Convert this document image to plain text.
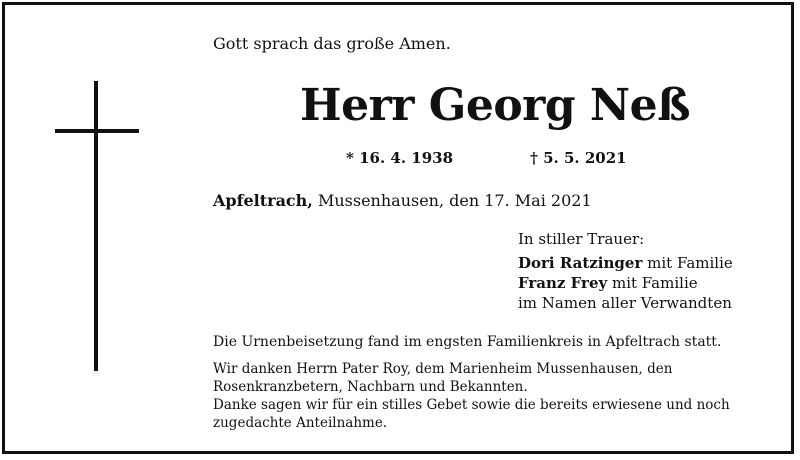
Gott sprach das große Amen.
Herr Georg Neß
* 16. 4. 1938	† 5. 5. 2021
Apfeltrach, Mussenhausen, den 17. Mai 2021
In stiller Trauer:
Dori Ratzinger mit Familie
Franz Frey mit Familie
im Namen aller Verwandten
Die Urnenbeisetzung fand im engsten Familienkreis in Apfeltrach statt.
Wir danken Herrn Pater Roy, dem Marienheim Mussenhausen, den
Rosenkranzbetern, Nachbarn und Bekannten.
Danke sagen wir für ein stilles Gebet sowie die bereits erwiesene und noch
zugedachte Anteilnahme.
